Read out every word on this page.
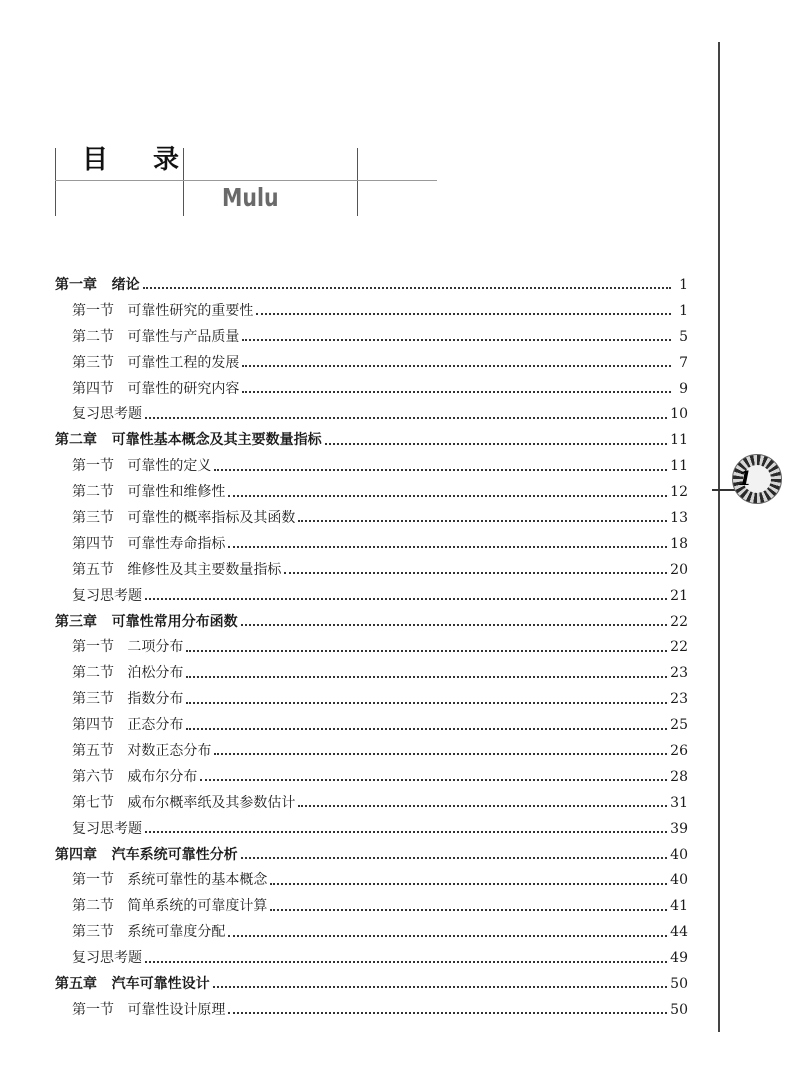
目 录
Mulu
1
第一章   绪论	1
第一节   可靠性研究的重要性	1
第二节   可靠性与产品质量	5
第三节   可靠性工程的发展	7
第四节   可靠性的研究内容	9
复习思考题	10
第二章   可靠性基本概念及其主要数量指标	11
第一节   可靠性的定义	11
第二节   可靠性和维修性	12
第三节   可靠性的概率指标及其函数	13
第四节   可靠性寿命指标	18
第五节   维修性及其主要数量指标	20
复习思考题	21
第三章   可靠性常用分布函数	22
第一节   二项分布	22
第二节   泊松分布	23
第三节   指数分布	23
第四节   正态分布	25
第五节   对数正态分布	26
第六节   威布尔分布	28
第七节   威布尔概率纸及其参数估计	31
复习思考题	39
第四章   汽车系统可靠性分析	40
第一节   系统可靠性的基本概念	40
第二节   简单系统的可靠度计算	41
第三节   系统可靠度分配	44
复习思考题	49
第五章   汽车可靠性设计	50
第一节   可靠性设计原理	50
